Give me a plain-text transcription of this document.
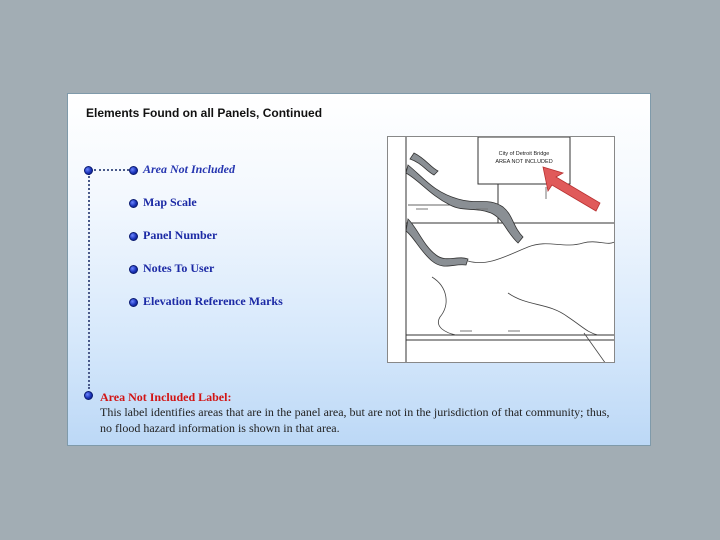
Elements Found on all Panels, Continued
Area Not Included
Map Scale
Panel Number
Notes To User
Elevation Reference Marks
Area Not Included Label:
This label identifies areas that are in the panel area, but are not in the jurisdiction of that community; thus, no flood hazard information is shown in that area.
City of Detroit Bridge
AREA NOT INCLUDED
